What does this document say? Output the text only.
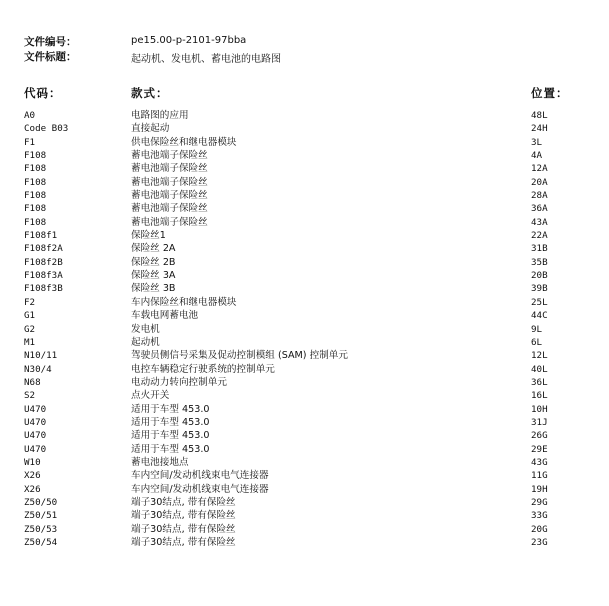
文件编号：	pe15.00-p-2101-97bba
文件标题：	起动机、发电机、蓄电池的电路图
代码：	款式：	位置：
A0	电路图的应用	48L
Code B03	直接起动	24H
F1	供电保险丝和继电器模块	3L
F108	蓄电池端子保险丝	4A
F108	蓄电池端子保险丝	12A
F108	蓄电池端子保险丝	20A
F108	蓄电池端子保险丝	28A
F108	蓄电池端子保险丝	36A
F108	蓄电池端子保险丝	43A
F108f1	保险丝1	22A
F108f2A	保险丝 2A	31B
F108f2B	保险丝 2B	35B
F108f3A	保险丝 3A	20B
F108f3B	保险丝 3B	39B
F2	车内保险丝和继电器模块	25L
G1	车载电网蓄电池	44C
G2	发电机	9L
M1	起动机	6L
N10/11	驾驶员侧信号采集及促动控制模组 (SAM) 控制单元	12L
N30/4	电控车辆稳定行驶系统的控制单元	40L
N68	电动动力转向控制单元	36L
S2	点火开关	16L
U470	适用于车型 453.0	10H
U470	适用于车型 453.0	31J
U470	适用于车型 453.0	26G
U470	适用于车型 453.0	29E
W10	蓄电池接地点	43G
X26	车内空间/发动机线束电气连接器	11G
X26	车内空间/发动机线束电气连接器	19H
Z50/50	端子30结点, 带有保险丝	29G
Z50/51	端子30结点, 带有保险丝	33G
Z50/53	端子30结点, 带有保险丝	20G
Z50/54	端子30结点, 带有保险丝	23G
